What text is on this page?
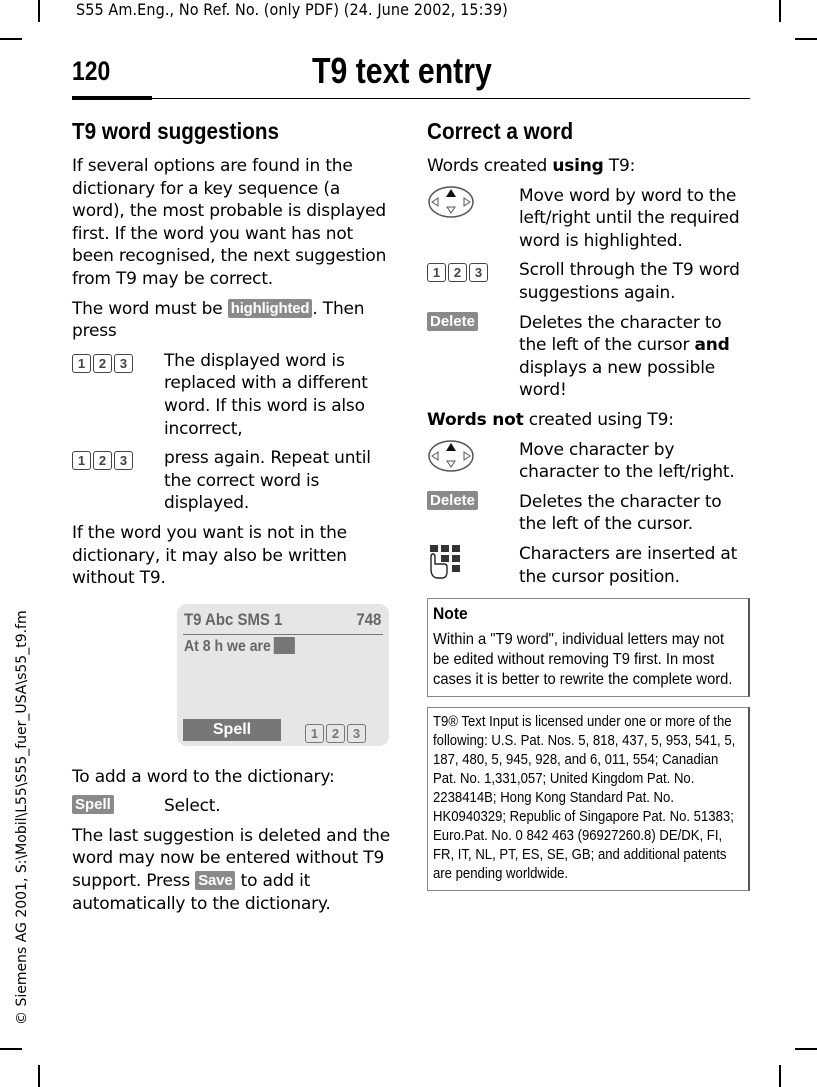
S55 Am.Eng., No Ref. No. (only PDF) (24. June 2002, 15:39)
© Siemens AG 2001, S:\Mobil\L55\S55_fuer_USA\s55_t9.fm
120	T9 text entry
T9 word suggestions

If several options are found in the dictionary for a key sequence (a word), the most probable is displayed first. If the word you want has not been recognised, the next suggestion from T9 may be correct.

The word must be highlighted . Then press

1	2	3	The displayed word is replaced with a different word. If this word is also incorrect,
1	2	3	press again. Repeat until the correct word is displayed.

If the word you want is not in the dictionary, it may also be written without T9.

T9 Abc SMS 1	748
At 8 h we are
Spell	1	2	3

To add a word to the dictionary:

Spell	Select.

The last suggestion is deleted and the word may now be entered without T9 support. Press Save to add it automatically to the dictionary.

Correct a word

Words created using T9:

Move word by word to the left/right until the required word is highlighted.
1	2	3	Scroll through the T9 word suggestions again.
Delete	Deletes the character to the left of the cursor and displays a new possible word!

Words not created using T9:

Move character by character to the left/right.
Delete	Deletes the character to the left of the cursor.
Characters are inserted at the cursor position.
Note
Within a "T9 word", individual letters may not be edited without removing T9 first. In most cases it is better to rewrite the complete word.
T9® Text Input is licensed under one or more of the following: U.S. Pat. Nos. 5, 818, 437, 5, 953, 541, 5, 187, 480, 5, 945, 928, and 6, 011, 554; Canadian Pat. No. 1,331,057; United Kingdom Pat. No. 2238414B; Hong Kong Standard Pat. No. HK0940329; Republic of Singapore Pat. No. 51383; Euro.Pat. No. 0 842 463 (96927260.8) DE/DK, FI, FR, IT, NL, PT, ES, SE, GB; and additional patents are pending worldwide.
